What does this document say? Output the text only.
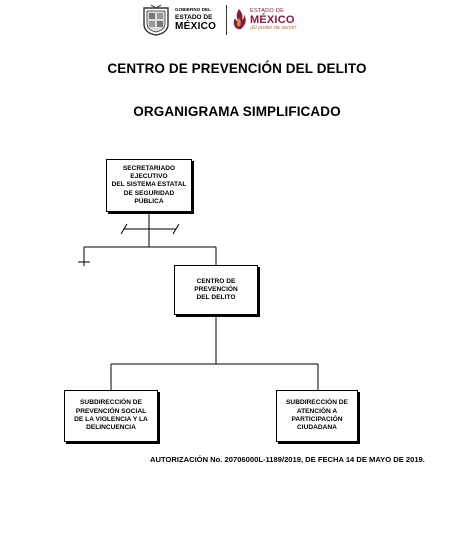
GOBIERNO DEL
ESTADO DE
MÉXICO
ESTADO DE
MÉXICO
¡El poder de servir!
CENTRO DE PREVENCIÓN DEL DELITO
ORGANIGRAMA SIMPLIFICADO
SECRETARIADO
EJECUTIVO
DEL SISTEMA ESTATAL
DE SEGURIDAD
PÚBLICA
CENTRO DE
PREVENCIÓN
DEL DELITO
SUBDIRECCIÓN DE
PREVENCIÓN SOCIAL
DE LA VIOLENCIA Y LA
DELINCUENCIA
SUBDIRECCIÓN DE
ATENCIÓN A
PARTICIPACIÓN
CIUDADANA
AUTORIZACIÓN No. 20706000L-1189/2019, DE FECHA 14 DE MAYO DE 2019.
